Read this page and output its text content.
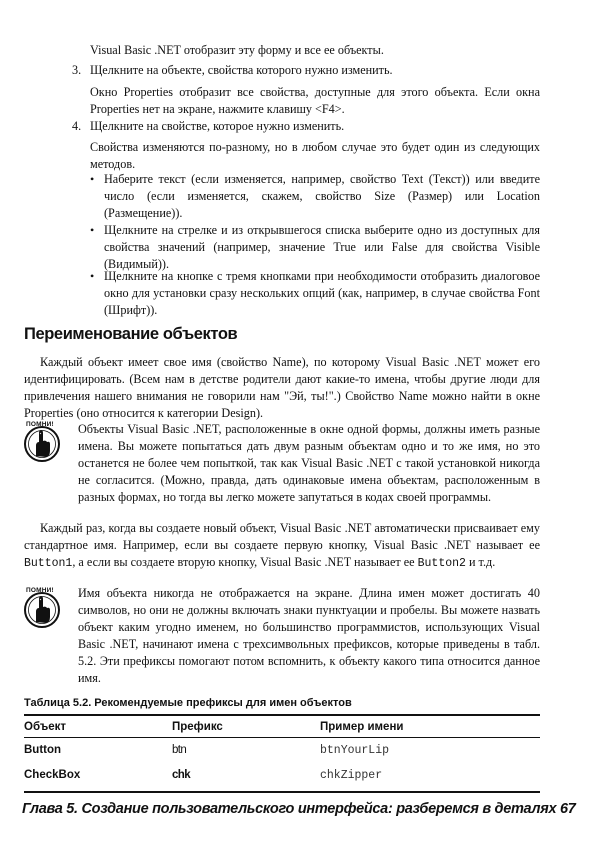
Visual Basic .NET отобразит эту форму и все ее объекты.

3. Щелкните на объекте, свойства которого нужно изменить.

Окно Properties отобразит все свойства, доступные для этого объекта. Если окна Properties нет на экране, нажмите клавишу <F4>.

4. Щелкните на свойстве, которое нужно изменить.

Свойства изменяются по-разному, но в любом случае это будет один из следующих методов.

• Наберите текст (если изменяется, например, свойство Text (Текст)) или введите число (если изменяется, скажем, свойство Size (Размер) или Location (Размещение)).

• Щелкните на стрелке и из открывшегося списка выберите одно из доступных для свойства значений (например, значение True или False для свойства Visible (Видимый)).

• Щелкните на кнопке с тремя кнопками при необходимости отобразить диалоговое окно для установки сразу нескольких опций (как, например, в случае свойства Font (Шрифт)).

Переименование объектов

Каждый объект имеет свое имя (свойство Name), по которому Visual Basic .NET может его идентифицировать. (Всем нам в детстве родители дают какие-то имена, чтобы другие люди для привлечения нашего внимания не говорили нам "Эй, ты!".) Свойство Name можно найти в окне Properties (оно относится к категории Design).

ПОМНИ! Объекты Visual Basic .NET, расположенные в окне одной формы, должны иметь разные имена. Вы можете попытаться дать двум разным объектам одно и то же имя, но это останется не более чем попыткой, так как Visual Basic .NET с такой установкой никогда не согласится. (Можно, правда, дать одинаковые имена объектам, расположенным в разных формах, но тогда вы легко можете запутаться в кодах своей программы.

Каждый раз, когда вы создаете новый объект, Visual Basic .NET автоматически присваивает ему стандартное имя. Например, если вы создаете первую кнопку, Visual Basic .NET называет ее Button1, а если вы создаете вторую кнопку, Visual Basic .NET называет ее Button2 и т.д.

ПОМНИ! Имя объекта никогда не отображается на экране. Длина имен может достигать 40 символов, но они не должны включать знаки пунктуации и пробелы. Вы можете назвать объект каким угодно именем, но большинство программистов, использующих Visual Basic .NET, начинают имена с трехсимвольных префиксов, которые приведены в табл. 5.2. Эти префиксы помогают потом вспомнить, к объекту какого типа относится данное имя.

Таблица 5.2. Рекомендуемые префиксы для имен объектов

Объект	Префикс	Пример имени
Button	btn	btnYourLip
CheckBox	chk	chkZipper

Глава 5. Создание пользовательского интерфейса: разберемся в деталях 67
